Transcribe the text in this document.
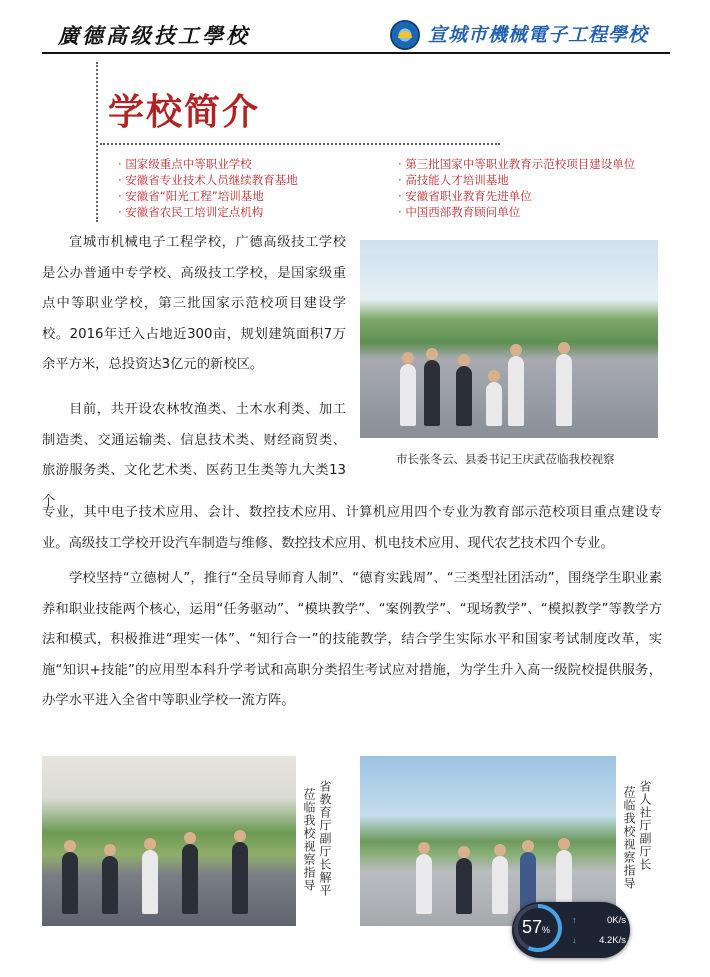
廣德高级技工學校	宣城市機械電子工程學校
学校简介
· 国家级重点中等职业学校
· 安徽省专业技术人员继续教育基地
· 安徽省“阳光工程”培训基地
· 安徽省农民工培训定点机构
· 第三批国家中等职业教育示范校项目建设单位
· 高技能人才培训基地
· 安徽省职业教育先进单位
· 中国西部教育顾问单位

宣城市机械电子工程学校，广德高级技工学校是公办普通中专学校、高级技工学校，是国家级重点中等职业学校，第三批国家示范校项目建设学校。2016年迁入占地近300亩，规划建筑面积7万余平方米，总投资达3亿元的新校区。

目前，共开设农林牧渔类、土木水利类、加工制造类、交通运输类、信息技术类、财经商贸类、旅游服务类、文化艺术类、医药卫生类等九大类13个

专业，其中电子技术应用、会计、数控技术应用、计算机应用四个专业为教育部示范校项目重点建设专业。高级技工学校开设汽车制造与维修、数控技术应用、机电技术应用、现代农艺技术四个专业。

学校坚持“立德树人”，推行“全员导师育人制”、“德育实践周”、“三类型社团活动”，围绕学生职业素养和职业技能两个核心，运用“任务驱动”、“模块教学”、“案例教学”、“现场教学”、“模拟教学”等教学方法和模式，积极推进“理实一体”、“知行合一”的技能教学，结合学生实际水平和国家考试制度改革，实施“知识+技能”的应用型本科升学考试和高职分类招生考试应对措施，为学生升入高一级院校提供服务，办学水平进入全省中等职业学校一流方阵。

市长张冬云、县委书记王庆武莅临我校视察
省教育厅副厅长解平
莅临我校视察指导	省人社厅副厅长
莅临我校视察指导
57%
↑	0K/s
↓ 4.2K/s
